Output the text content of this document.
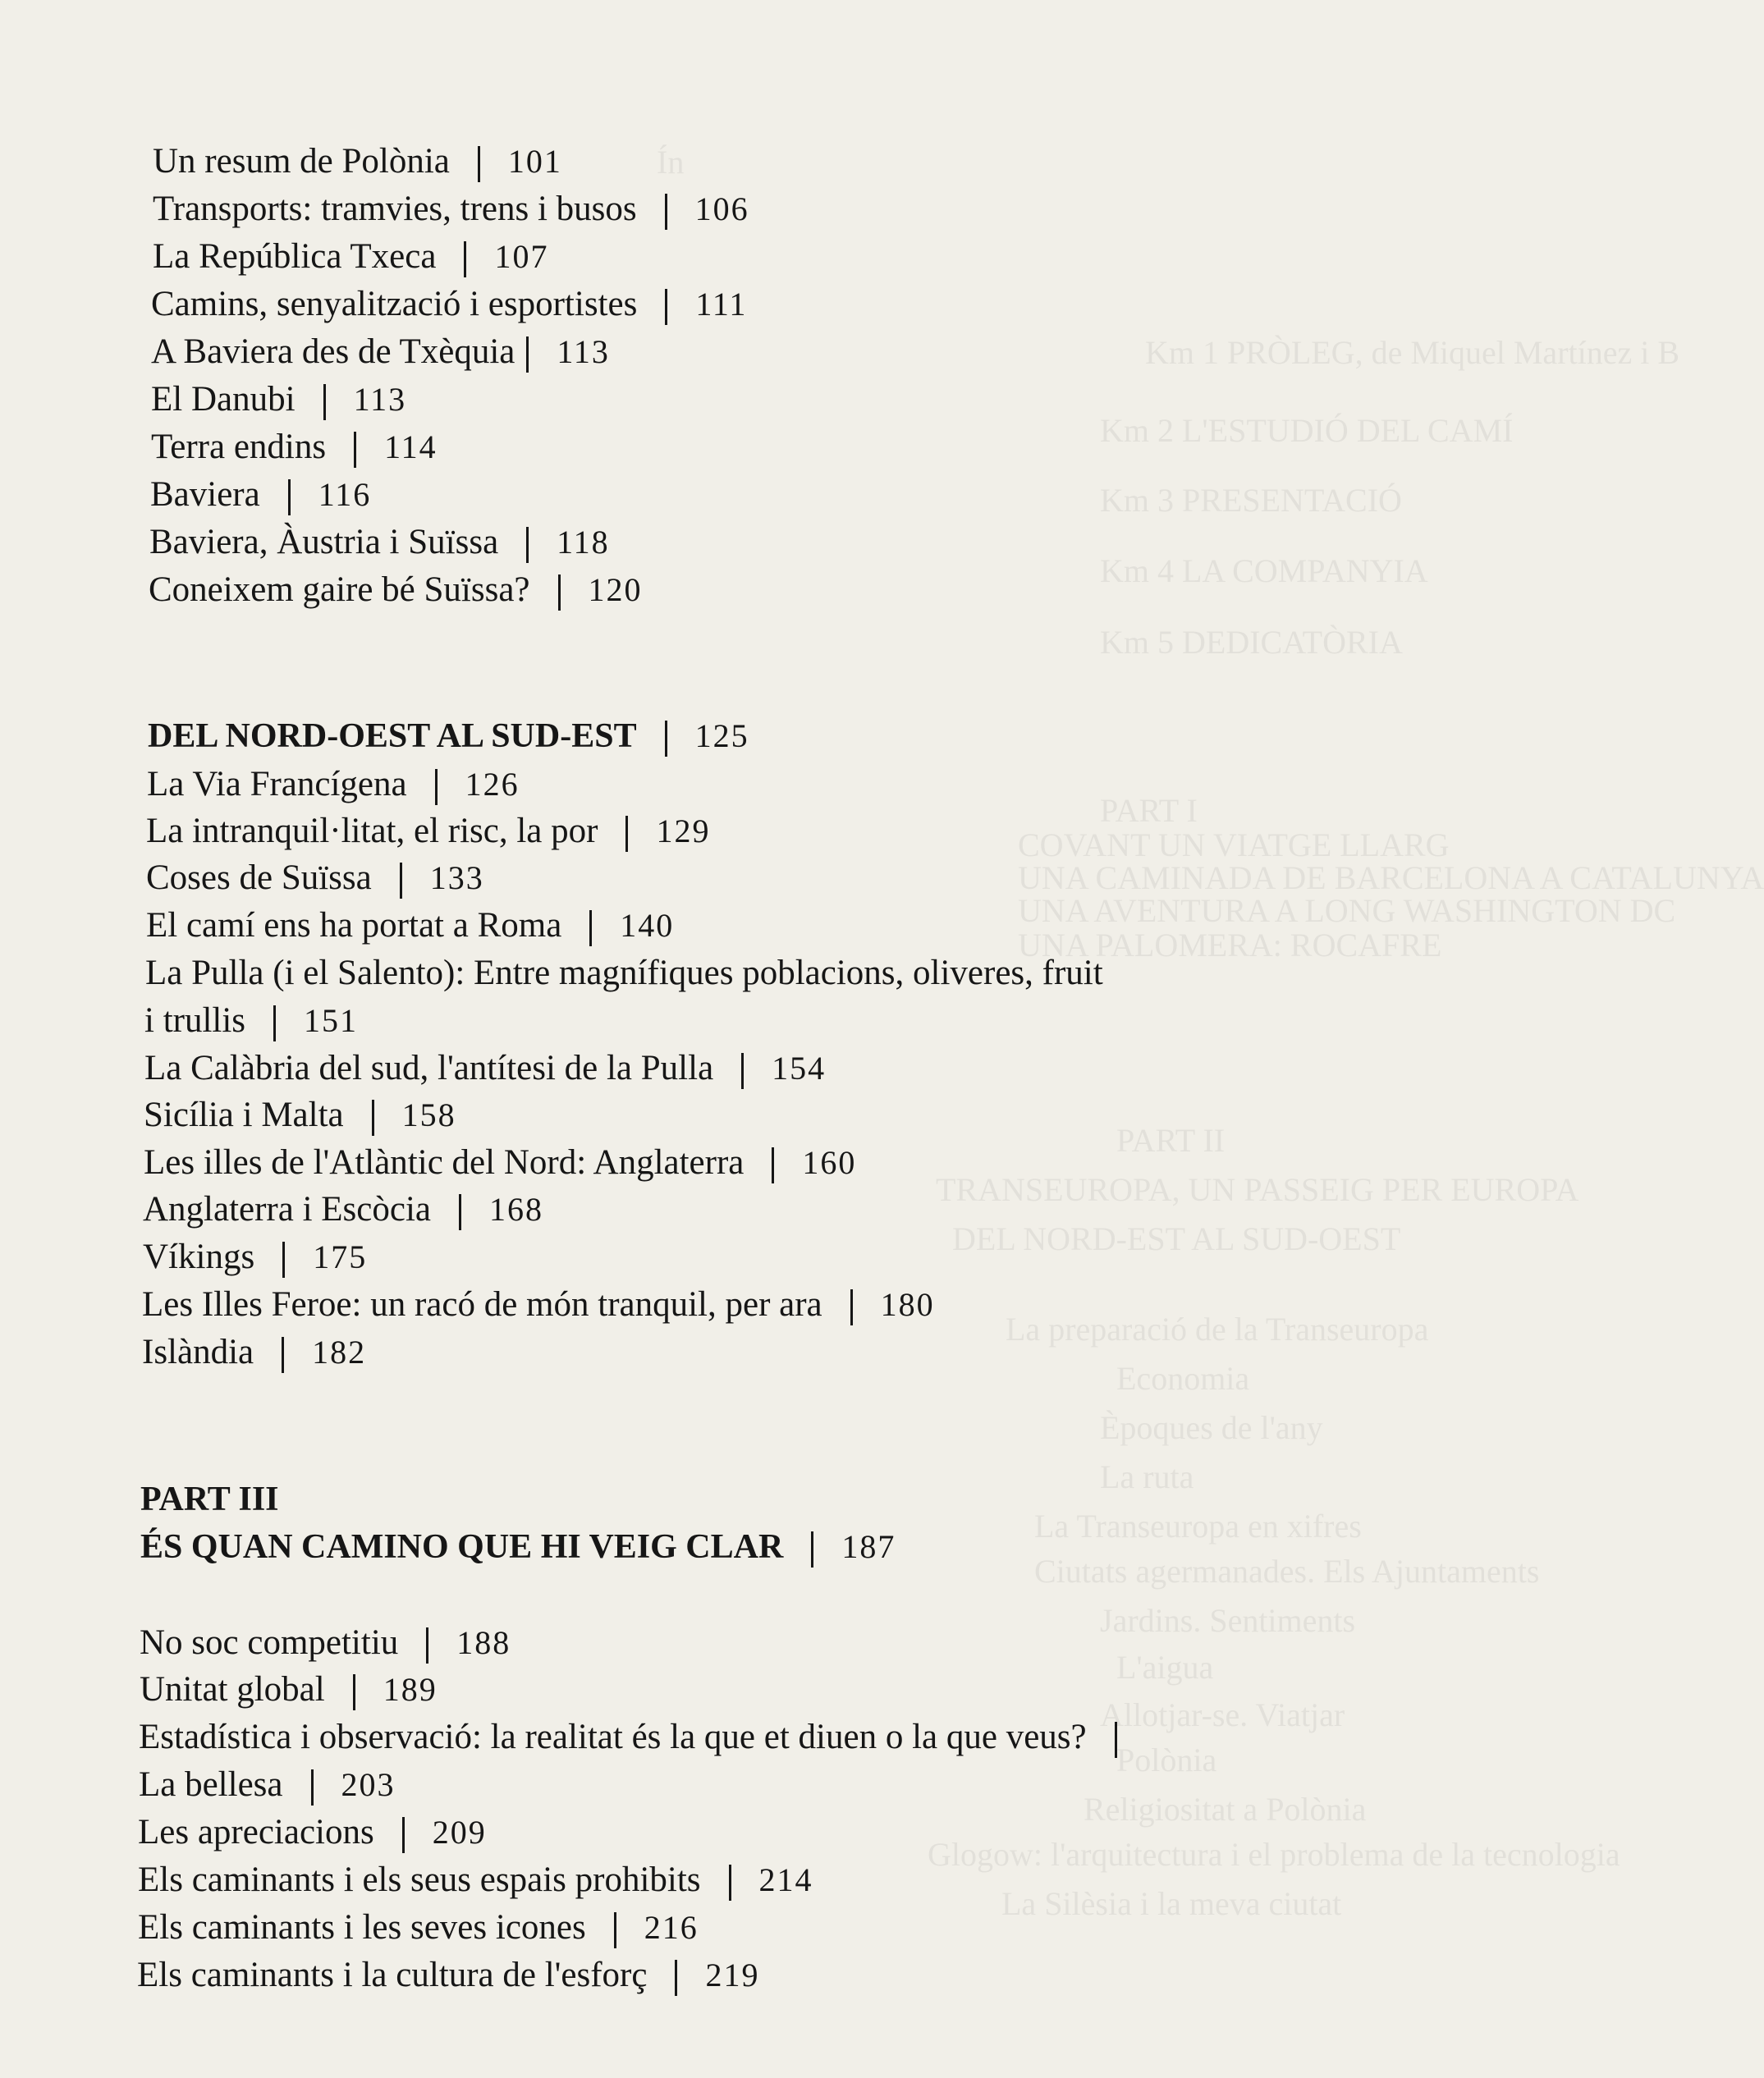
Ín
Km 1 PRÒLEG, de Miquel Martínez i B
Km 2 L'ESTUDIÓ DEL CAMÍ
Km 3 PRESENTACIÓ
Km 4 LA COMPANYIA
Km 5 DEDICATÒRIA
PART I
COVANT UN VIATGE LLARG
UNA CAMINADA DE BARCELONA A CATALUNYA
UNA AVENTURA A LONG WASHINGTON DC
UNA PALOMERA: ROCAFRE
PART II
TRANSEUROPA, UN PASSEIG PER EUROPA
DEL NORD-EST AL SUD-OEST
La preparació de la Transeuropa
Economia
Èpoques de l'any
La ruta
La Transeuropa en xifres
Ciutats agermanades. Els Ajuntaments
Jardins. Sentiments
L'aigua
Allotjar-se. Viatjar
Polònia
Religiositat a Polònia
Glogow: l'arquitectura i el problema de la tecnologia
La Silèsia i la meva ciutat
Un resum de Polònia 101
Transports: tramvies, trens i busos 106
La República Txeca 107
Camins, senyalització i esportistes 111
A Baviera des de Txèquia 113
El Danubi 113
Terra endins 114
Baviera 116
Baviera, Àustria i Suïssa 118
Coneixem gaire bé Suïssa? 120
DEL NORD-OEST AL SUD-EST 125
La Via Francígena 126
La intranquil·litat, el risc, la por 129
Coses de Suïssa 133
El camí ens ha portat a Roma 140
La Pulla (i el Salento): Entre magnífiques poblacions, oliveres, fruit
i trullis 151
La Calàbria del sud, l'antítesi de la Pulla 154
Sicília i Malta 158
Les illes de l'Atlàntic del Nord: Anglaterra 160
Anglaterra i Escòcia 168
Víkings 175
Les Illes Feroe: un racó de món tranquil, per ara 180
Islàndia 182
PART III
ÉS QUAN CAMINO QUE HI VEIG CLAR 187
No soc competitiu 188
Unitat global 189
Estadística i observació: la realitat és la que et diuen o la que veus?
La bellesa 203
Les apreciacions 209
Els caminants i els seus espais prohibits 214
Els caminants i les seves icones 216
Els caminants i la cultura de l'esforç 219
